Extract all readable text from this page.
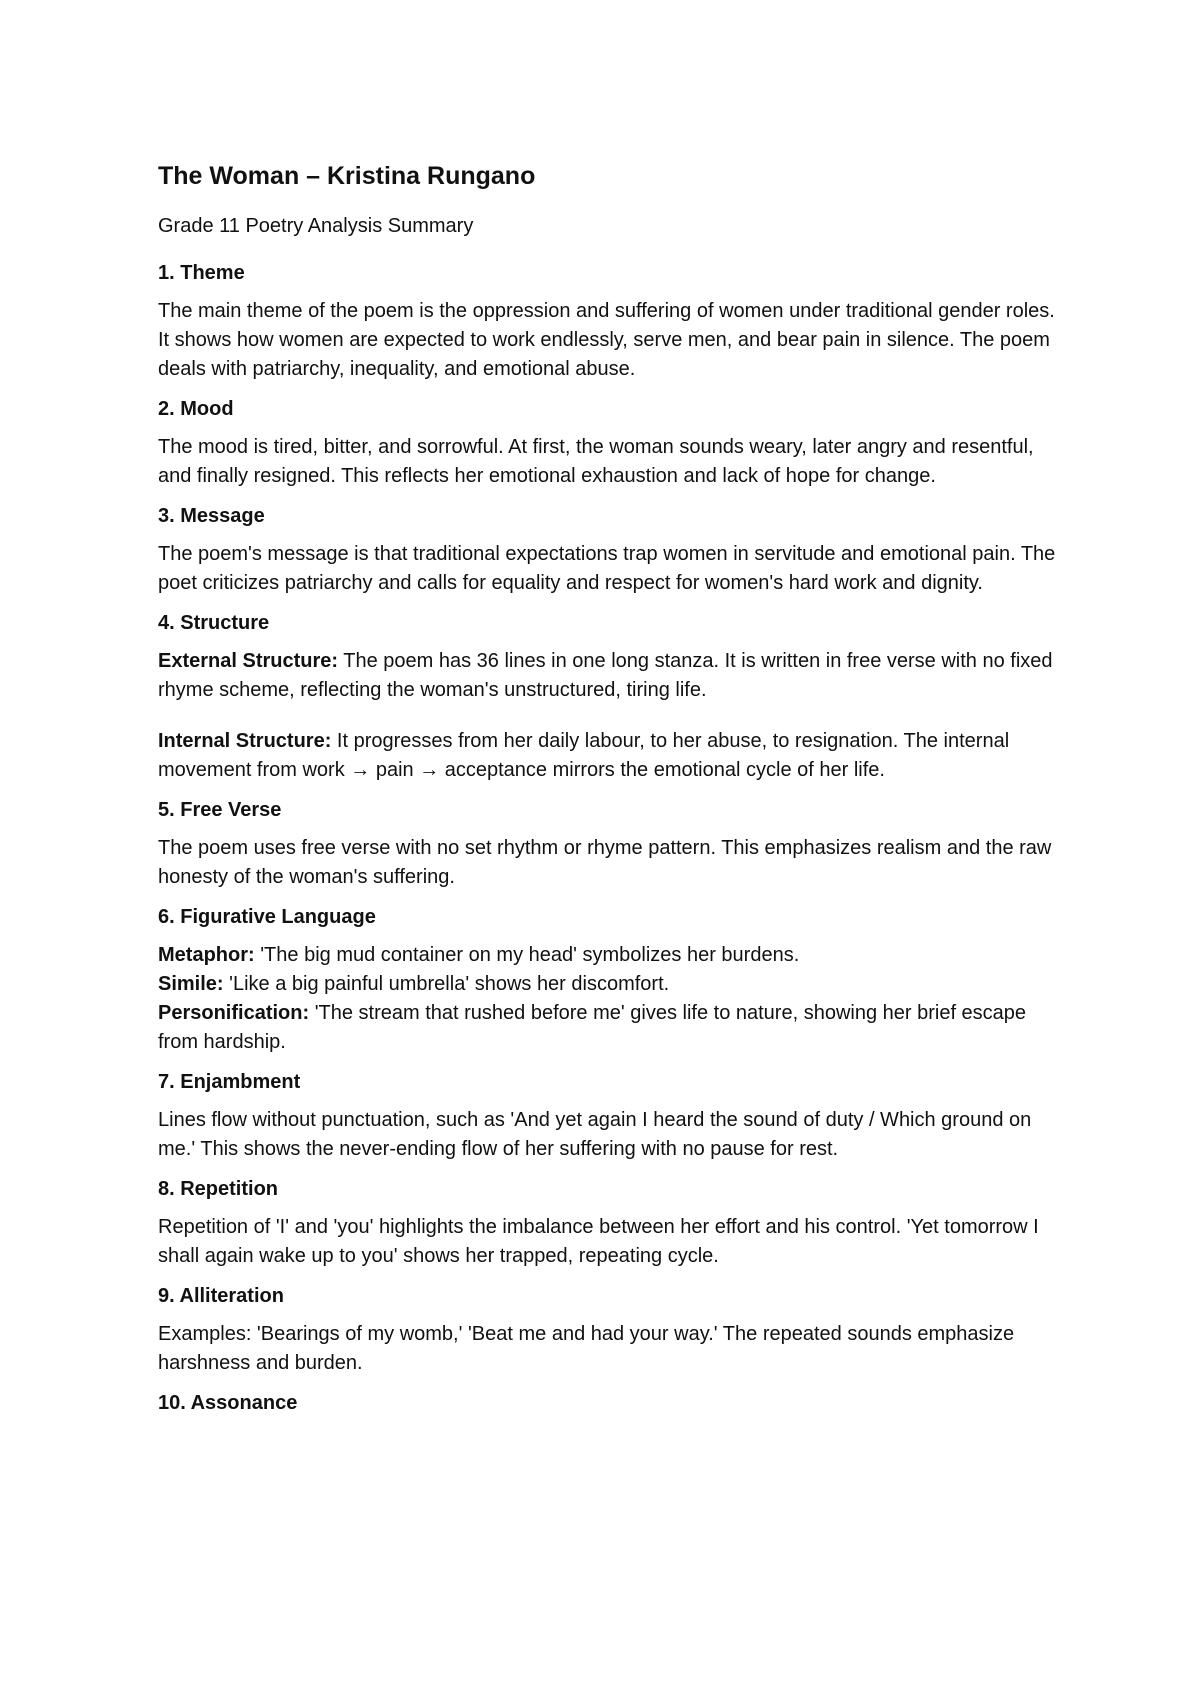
The Woman – Kristina Rungano
Grade 11 Poetry Analysis Summary
1. Theme

The main theme of the poem is the oppression and suffering of women under traditional gender roles. It shows how women are expected to work endlessly, serve men, and bear pain in silence. The poem deals with patriarchy, inequality, and emotional abuse.

2. Mood

The mood is tired, bitter, and sorrowful. At first, the woman sounds weary, later angry and resentful, and finally resigned. This reflects her emotional exhaustion and lack of hope for change.

3. Message

The poem's message is that traditional expectations trap women in servitude and emotional pain. The poet criticizes patriarchy and calls for equality and respect for women's hard work and dignity.

4. Structure

External Structure: The poem has 36 lines in one long stanza. It is written in free verse with no fixed rhyme scheme, reflecting the woman's unstructured, tiring life.

Internal Structure: It progresses from her daily labour, to her abuse, to resignation. The internal movement from work → pain → acceptance mirrors the emotional cycle of her life.

5. Free Verse

The poem uses free verse with no set rhythm or rhyme pattern. This emphasizes realism and the raw honesty of the woman's suffering.

6. Figurative Language

Metaphor: 'The big mud container on my head' symbolizes her burdens.
Simile: 'Like a big painful umbrella' shows her discomfort.
Personification: 'The stream that rushed before me' gives life to nature, showing her brief escape from hardship.

7. Enjambment

Lines flow without punctuation, such as 'And yet again I heard the sound of duty / Which ground on me.' This shows the never-ending flow of her suffering with no pause for rest.

8. Repetition

Repetition of 'I' and 'you' highlights the imbalance between her effort and his control. 'Yet tomorrow I shall again wake up to you' shows her trapped, repeating cycle.

9. Alliteration

Examples: 'Bearings of my womb,' 'Beat me and had your way.' The repeated sounds emphasize harshness and burden.

10. Assonance
